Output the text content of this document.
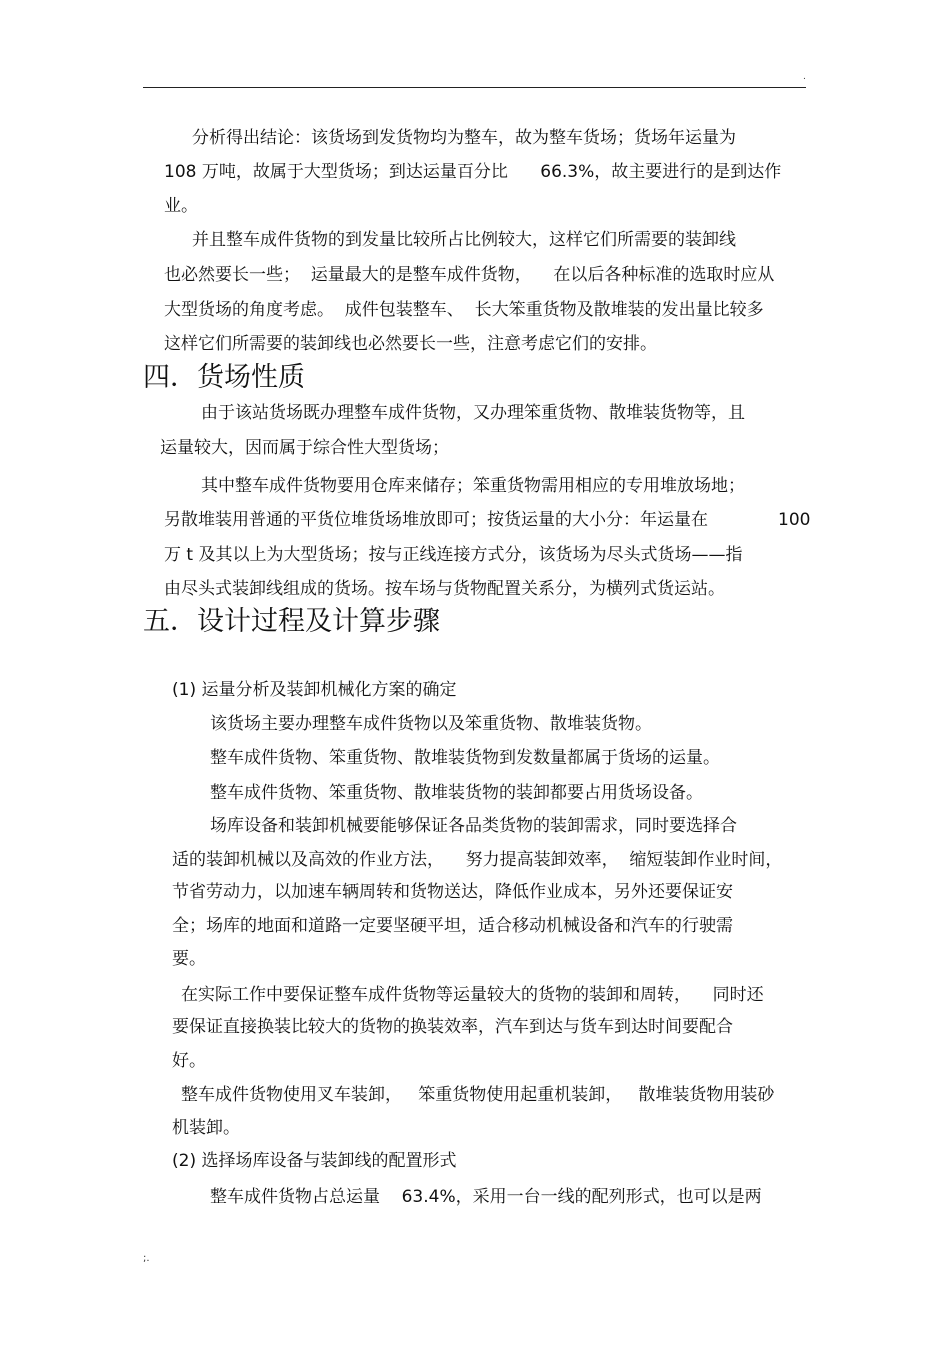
.
分析得出结论：该货场到发货物均为整车，故为整车货场；货场年运量为
108 万吨，故属于大型货场；到达运量百分比      66.3%，故主要进行的是到达作
业。
并且整车成件货物的到发量比较所占比例较大，这样它们所需要的装卸线
也必然要长一些；  运量最大的是整车成件货物，    在以后各种标准的选取时应从
大型货场的角度考虑。  成件包装整车、  长大笨重货物及散堆装的发出量比较多
这样它们所需要的装卸线也必然要长一些，注意考虑它们的安排。
四．货场性质
由于该站货场既办理整车成件货物，又办理笨重货物、散堆装货物等，且
运量较大，因而属于综合性大型货场；
其中整车成件货物要用仓库来储存；笨重货物需用相应的专用堆放场地；
另散堆装用普通的平货位堆货场堆放即可；按货运量的大小分：年运量在	100
万 t 及其以上为大型货场；按与正线连接方式分，该货场为尽头式货场——指
由尽头式装卸线组成的货场。按车场与货物配置关系分，为横列式货运站。
五．设计过程及计算步骤
(1) 运量分析及装卸机械化方案的确定
该货场主要办理整车成件货物以及笨重货物、散堆装货物。
整车成件货物、笨重货物、散堆装货物到发数量都属于货场的运量。
整车成件货物、笨重货物、散堆装货物的装卸都要占用货场设备。
场库设备和装卸机械要能够保证各品类货物的装卸需求，同时要选择合
适的装卸机械以及高效的作业方法，    努力提高装卸效率，  缩短装卸作业时间，
节省劳动力，以加速车辆周转和货物送达，降低作业成本，另外还要保证安
全；场库的地面和道路一定要坚硬平坦，适合移动机械设备和汽车的行驶需
要。
在实际工作中要保证整车成件货物等运量较大的货物的装卸和周转，    同时还
要保证直接换装比较大的货物的换装效率，汽车到达与货车到达时间要配合
好。
整车成件货物使用叉车装卸，   笨重货物使用起重机装卸，   散堆装货物用装砂
机装卸。
(2) 选择场库设备与装卸线的配置形式
整车成件货物占总运量    63.4%，采用一台一线的配列形式，也可以是两
;.
